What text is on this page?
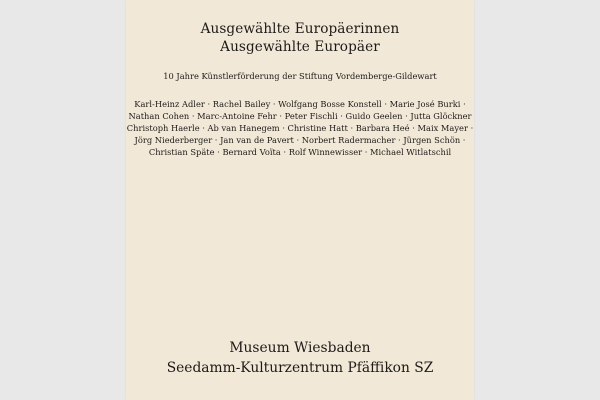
Ausgewählte Europäerinnen
Ausgewählte Europäer
10 Jahre Künstlerförderung der Stiftung Vordemberge-Gildewart
Karl-Heinz Adler · Rachel Bailey · Wolfgang Bosse Konstell · Marie José Burki ·
Nathan Cohen · Marc-Antoine Fehr · Peter Fischli · Guido Geelen · Jutta Glöckner
Christoph Haerle · Ab van Hanegem · Christine Hatt · Barbara Heé · Maix Mayer ·
Jörg Niederberger · Jan van de Pavert · Norbert Radermacher · Jürgen Schön ·
Christian Späte · Bernard Voïta · Rolf Winnewisser · Michael Witlatschil
Museum Wiesbaden
Seedamm-Kulturzentrum Pfäffikon SZ
